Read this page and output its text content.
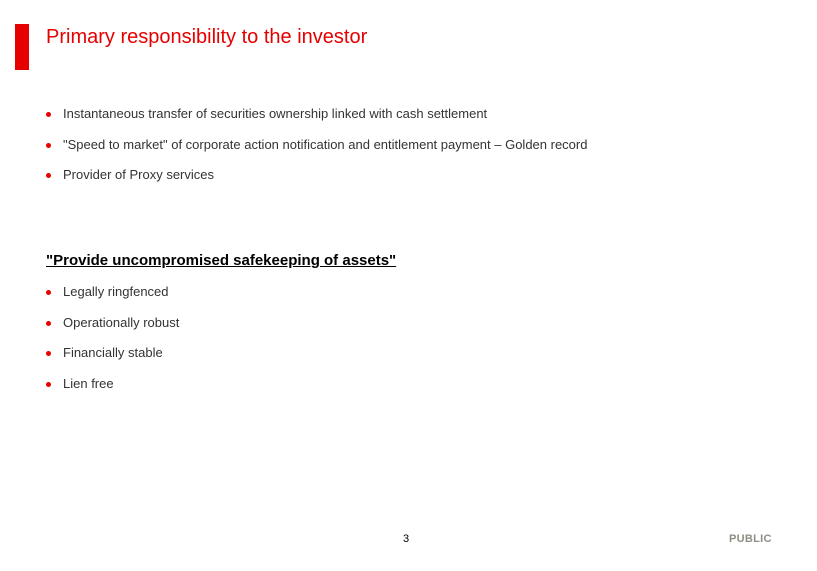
Primary responsibility to the investor
Instantaneous transfer of securities ownership linked with cash settlement
"Speed to market" of corporate action notification and entitlement payment – Golden record
Provider of Proxy services
"Provide uncompromised safekeeping of assets"
Legally ringfenced
Operationally robust
Financially stable
Lien free
3	PUBLIC
